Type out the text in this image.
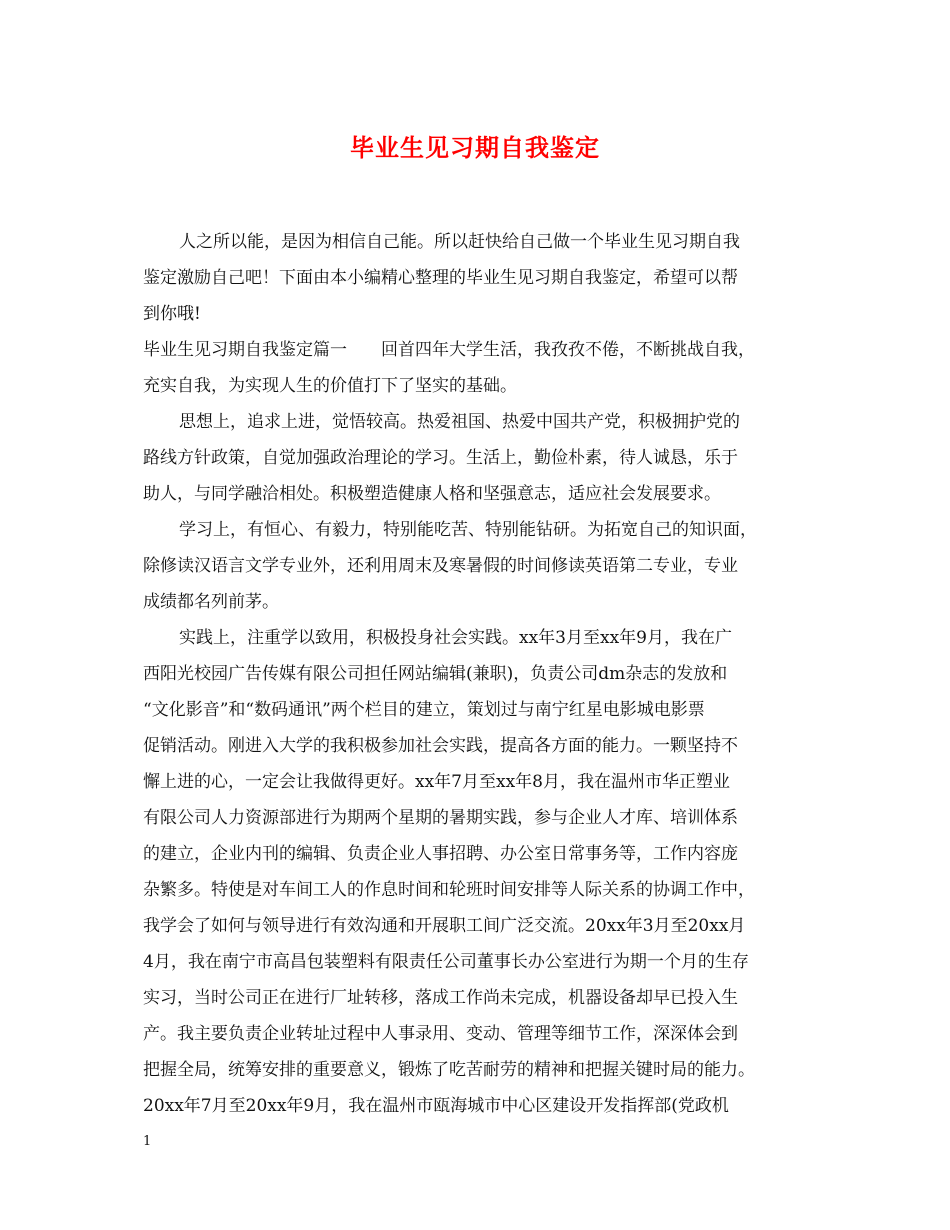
毕业生见习期自我鉴定
人之所以能，是因为相信自己能。所以赶快给自己做一个毕业生见习期自我
鉴定激励自己吧！下面由本小编精心整理的毕业生见习期自我鉴定，希望可以帮
到你哦!
毕业生见习期自我鉴定篇一　　回首四年大学生活，我孜孜不倦，不断挑战自我，
充实自我，为实现人生的价值打下了坚实的基础。
思想上，追求上进，觉悟较高。热爱祖国、热爱中国共产党，积极拥护党的
路线方针政策，自觉加强政治理论的学习。生活上，勤俭朴素，待人诚恳，乐于
助人，与同学融洽相处。积极塑造健康人格和坚强意志，适应社会发展要求。
学习上，有恒心、有毅力，特别能吃苦、特别能钻研。为拓宽自己的知识面，
除修读汉语言文学专业外，还利用周末及寒暑假的时间修读英语第二专业，专业
成绩都名列前茅。
实践上，注重学以致用，积极投身社会实践。xx年3月至xx年9月，我在广
西阳光校园广告传媒有限公司担任网站编辑(兼职)，负责公司dm杂志的发放和
“文化影音”和“数码通讯”两个栏目的建立，策划过与南宁红星电影城电影票
促销活动。刚进入大学的我积极参加社会实践，提高各方面的能力。一颗坚持不
懈上进的心，一定会让我做得更好。xx年7月至xx年8月，我在温州市华正塑业
有限公司人力资源部进行为期两个星期的暑期实践，参与企业人才库、培训体系
的建立，企业内刊的编辑、负责企业人事招聘、办公室日常事务等，工作内容庞
杂繁多。特使是对车间工人的作息时间和轮班时间安排等人际关系的协调工作中，
我学会了如何与领导进行有效沟通和开展职工间广泛交流。20xx年3月至20xx月
4月，我在南宁市高昌包装塑料有限责任公司董事长办公室进行为期一个月的生存
实习，当时公司正在进行厂址转移，落成工作尚未完成，机器设备却早已投入生
产。我主要负责企业转址过程中人事录用、变动、管理等细节工作，深深体会到
把握全局，统筹安排的重要意义，锻炼了吃苦耐劳的精神和把握关键时局的能力。
20xx年7月至20xx年9月，我在温州市瓯海城市中心区建设开发指挥部(党政机
1
